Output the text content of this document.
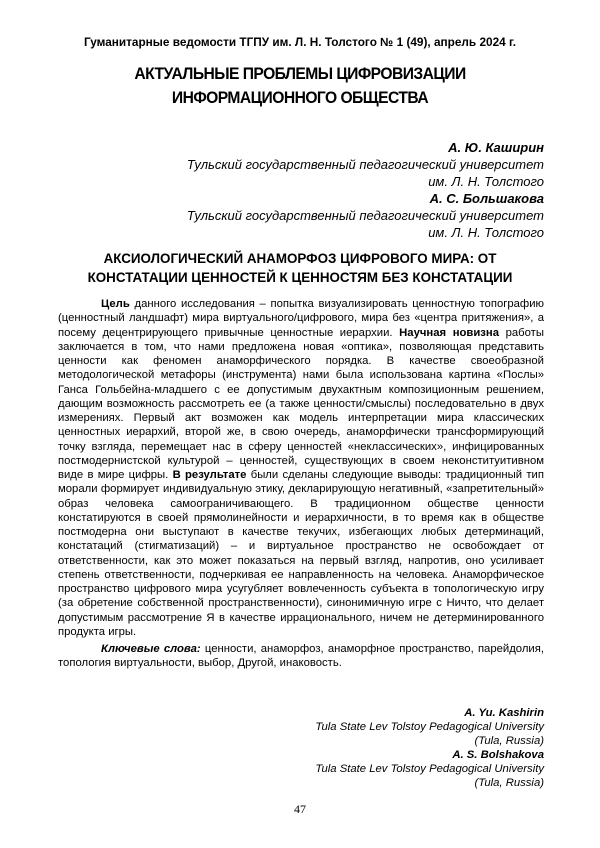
Гуманитарные ведомости ТГПУ им. Л. Н. Толстого № 1 (49), апрель 2024 г.
АКТУАЛЬНЫЕ ПРОБЛЕМЫ ЦИФРОВИЗАЦИИ
ИНФОРМАЦИОННОГО ОБЩЕСТВА
А. Ю. Каширин
Тульский государственный педагогический университет
им. Л. Н. Толстого
А. С. Большакова
Тульский государственный педагогический университет
им. Л. Н. Толстого
АКСИОЛОГИЧЕСКИЙ АНАМОРФОЗ ЦИФРОВОГО МИРА: ОТ
КОНСТАТАЦИИ ЦЕННОСТЕЙ К ЦЕННОСТЯМ БЕЗ КОНСТАТАЦИИ

Цель данного исследования – попытка визуализировать ценностную топографию (ценностный ландшафт) мира виртуального/цифрового, мира без «центра притяжения», а посему децентрирующего привычные ценностные иерархии. Научная новизна работы заключается в том, что нами предложена новая «оптика», позволяющая представить ценности как феномен анаморфического порядка. В качестве своеобразной методологической метафоры (инструмента) нами была использована картина «Послы» Ганса Гольбейна-младшего с ее допустимым двухактным композиционным решением, дающим возможность рассмотреть ее (а также ценности/смыслы) последовательно в двух измерениях. Первый акт возможен как модель интерпретации мира классических ценностных иерархий, второй же, в свою очередь, анаморфически трансформирующий точку взгляда, перемещает нас в сферу ценностей «неклассических», инфицированных постмодернистской культурой – ценностей, существующих в своем неконституитивном виде в мире цифры. В результате были сделаны следующие выводы: традиционный тип морали формирует индивидуальную этику, декларирующую негативный, «запретительный» образ человека самоограничивающего. В традиционном обществе ценности констатируются в своей прямолинейности и иерархичности, в то время как в обществе постмодерна они выступают в качестве текучих, избегающих любых детерминаций, констатаций (стигматизаций) – и виртуальное пространство не освобождает от ответственности, как это может показаться на первый взгляд, напротив, оно усиливает степень ответственности, подчеркивая ее направленность на человека. Анаморфическое пространство цифрового мира усугубляет вовлеченность субъекта в топологическую игру (за обретение собственной пространственности), синонимичную игре с Ничто, что делает допустимым рассмотрение Я в качестве иррационального, ничем не детерминированного продукта игры.

Ключевые слова: ценности, анаморфоз, анаморфное пространство, парейдолия, топология виртуальности, выбор, Другой, инаковость.

A. Yu. Kashirin
Tula State Lev Tolstoy Pedagogical University
(Tula, Russia)
A. S. Bolshakova
Tula State Lev Tolstoy Pedagogical University
(Tula, Russia)
47
